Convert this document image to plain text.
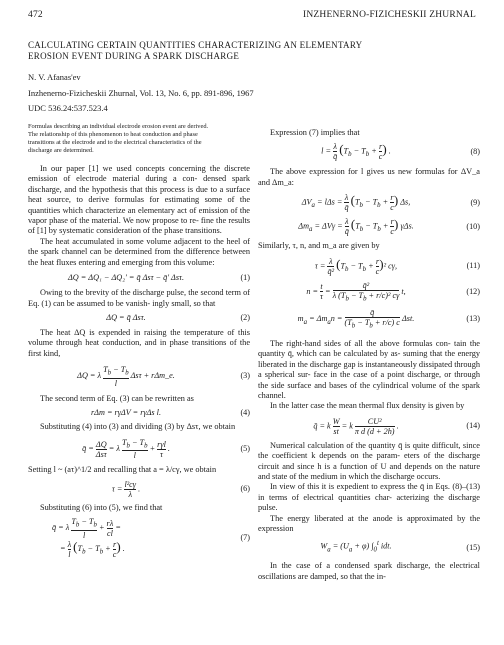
472	INZHENERNO-FIZICHESKII ZHURNAL
CALCULATING CERTAIN QUANTITIES CHARACTERIZING AN ELEMENTARY
EROSION EVENT DURING A SPARK DISCHARGE
N. V. Afanas'ev
Inzhenerno-Fizicheskii Zhurnal, Vol. 13, No. 6, pp. 891-896, 1967
UDC 536.24:537.523.4
Formulas describing an individual electrode erosion event are derived.
The relationship of this phenomenon to heat conduction and phase
transitions at the electrode and to the electrical characteristics of the
discharge are determined.

In our paper [1] we used concepts concerning the discrete emission of electrode material during a con- densed spark discharge, and the hypothesis that this process is due to a surface heat source, to derive formulas for estimating some of the quantities which characterize an elementary act of emission of the vapor phase of the material. We now propose to re- fine the results of [1] by systematic consideration of the phase transitions.

The heat accumulated in some volume adjacent to the heel of the spark channel can be determined from the difference between the heat fluxes entering and emerging from this volume:

ΔQ = ΔQ₁ − ΔQ₂′ = q̄ Δsτ − q̄′ Δsτ.	(1)

Owing to the brevity of the discharge pulse, the second term of Eq. (1) can be assumed to be vanish- ingly small, so that

ΔQ = q̄ Δsτ.	(2)

The heat ΔQ is expended in raising the temperature of this volume through heat conduction, and in phase transitions of the first kind,

ΔQ = λ $\frac{T_b - T_b}{l}$ Δsτ + rΔm_e.	(3)

The second term of Eq. (3) can be rewritten as

rΔm = rγΔV = rγΔs l.	(4)

Substituting (4) into (3) and dividing (3) by Δsτ, we obtain

q̄ = $\frac{\Delta Q}{\text{Δsτ}} = \lambda \frac{T_b - T_b}{l} + \frac{\text{rγl}}{\tau}$ .	(5)

Setting l ~ (aτ)^1/2 and recalling that a = λ/cγ, we obtain

$\tau = \frac{\text{l²cγ}}{\lambda}$ .	(6)

Substituting (6) into (5), we find that

q̄ = λ $\frac{T_b - T_b}{l} + \frac{r\lambda}{cl}$ =
= $\frac{\lambda}{l} (T_b - T_b + \frac{r}{c}$ ) .
(7)

Expression (7) implies that

$l = \frac{\lambda}{q̄} (T_b - T_b + \frac{r}{c}$ ) .	(8)

The above expression for l gives us new formulas for ΔV_a and Δm_a:

$\Delta V_a = l\Delta s = \frac{\lambda}{q̄} (T_b - T_b + \frac{r}{c}$ ) Δs,	(9)
$\Delta m_a = \Delta V\gamma = \frac{\lambda}{q̄} (T_b - T_b + \frac{r}{c}$ ) γΔs.	(10)

Similarly, τ, n, and m_a are given by

$\tau = \frac{\lambda}{\text{q̄²}} (T_b - T_b + \frac{r}{c} )^2$ cγ,	(11)
$n = \frac{t}{\tau} = \frac{\text{q̄²}}{\lambda (T_b - T_b + r/c)^2 c\gamma} t$,	(12)
$m_a = \Delta m_an = \frac{q̄}{(T_b - T_b + r/c) c} \Delta st$.	(13)

The right-hand sides of all the above formulas con- tain the quantity q̄, which can be calculated by as- suming that the energy liberated in the discharge gap is instantaneously dissipated through a spherical sur- face in the case of a point discharge, or through the side surface and bases of the cylindrical volume of the spark channel.

In the latter case the mean thermal flux density is given by

q̄ = k $\frac{W}{st} = k \frac{\text{CU²}}{\text{π d (d + 2h)}}$ .	(14)

Numerical calculation of the quantity q̄ is quite difficult, since the coefficient k depends on the param- eters of the discharge circuit and since h is a function of U and depends on the nature and state of the medium in which the discharge occurs.

In view of this it is expedient to express the q̄ in Eqs. (8)–(13) in terms of electrical quantities char- acterizing the discharge pulse.

The energy liberated at the anode is approximated by the expression

$W_a = (U_a + \varphi)$ $\int_0^t$ idt.	(15)

In the case of a condensed spark discharge, the electrical oscillations are damped, so that the in-
